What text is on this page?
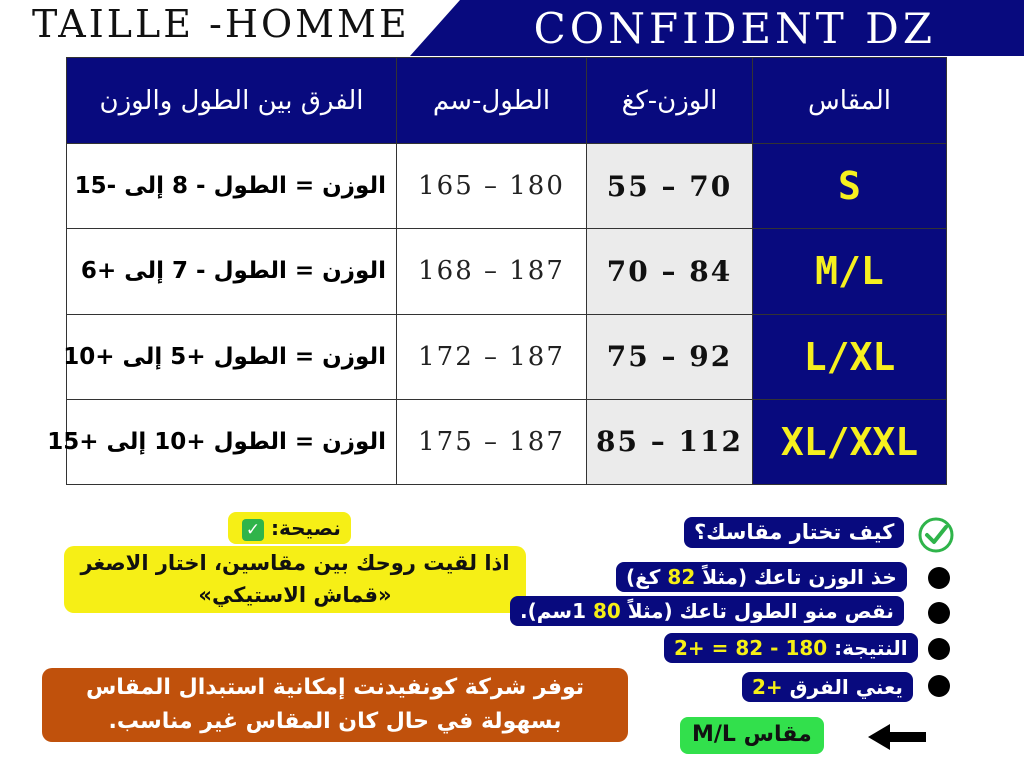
TAILLE -HOMME	CONFIDENT DZ
الفرق بين الطول والوزن	الطول-سم	الوزن-كغ	المقاس
الوزن = الطول - 8 إلى -15	165 – 180	55 – 70	S
الوزن = الطول - 7 إلى +6	168 – 187	70 – 84	M/L
الوزن = الطول +5 إلى +10	172 – 187	75 – 92	L/XL
الوزن = الطول +10 إلى +15	175 – 187	85 – 112	XL/XXL
نصيحة: ✓
اذا لقيت روحك بين مقاسين، اختار الاصغر «قماش الاستيكي»
توفر شركة كونفيدنت إمكانية استبدال المقاس بسهولة في حال كان المقاس غير مناسب.
كيف تختار مقاسك؟
خذ الوزن تاعك (مثلاً 82 كغ)
نقص منو الطول تاعك (مثلاً 80 1سم).
النتيجة: 180 - 82 = +2
يعني الفرق +2
مقاس M/L
